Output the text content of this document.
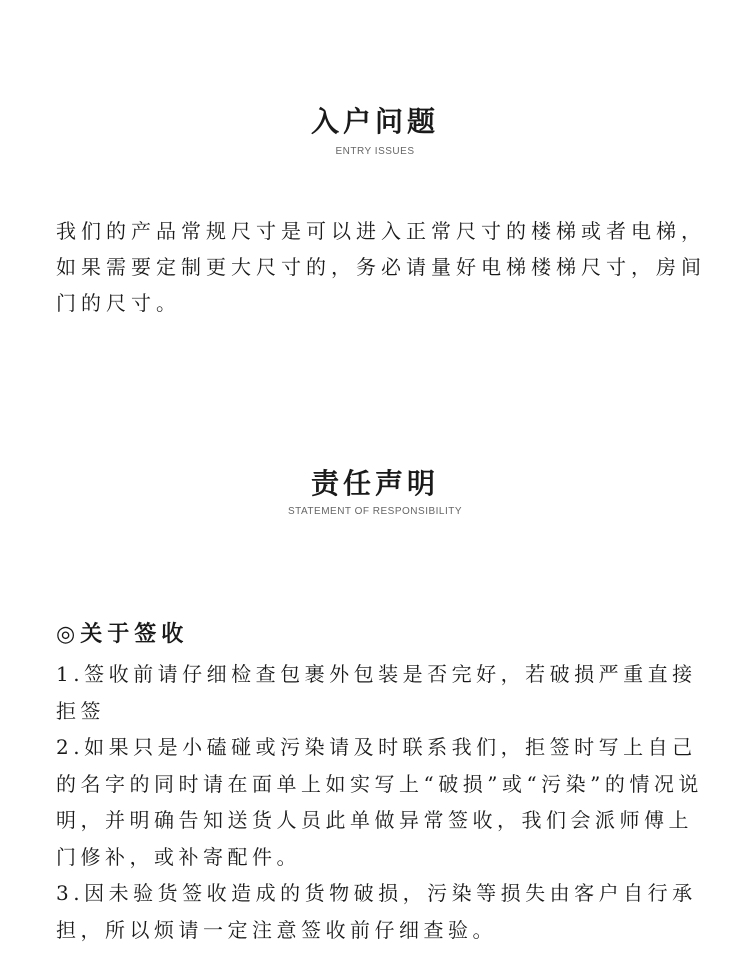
入户问题
ENTRY ISSUES

我们的产品常规尺寸是可以进入正常尺寸的楼梯或者电梯，如果需要定制更大尺寸的，务必请量好电梯楼梯尺寸，房间门的尺寸。

责任声明
STATEMENT OF RESPONSIBILITY
◎关于签收

1.签收前请仔细检查包裹外包装是否完好，若破损严重直接拒签

2.如果只是小磕碰或污染请及时联系我们，拒签时写上自己的名字的同时请在面单上如实写上“破损”或“污染”的情况说明，并明确告知送货人员此单做异常签收，我们会派师傅上门修补，或补寄配件。

3.因未验货签收造成的货物破损，污染等损失由客户自行承担，所以烦请一定注意签收前仔细查验。
